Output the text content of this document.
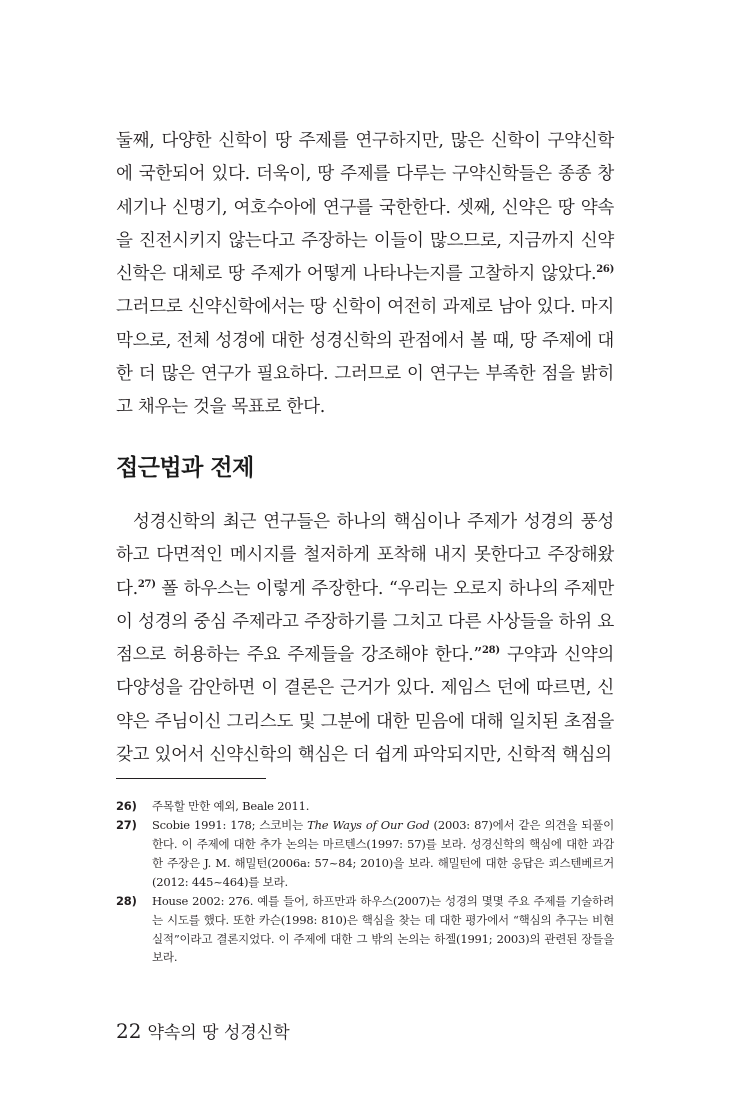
둘째, 다양한 신학이 땅 주제를 연구하지만, 많은 신학이 구약신학에 국한되어 있다. 더욱이, 땅 주제를 다루는 구약신학들은 종종 창세기나 신명기, 여호수아에 연구를 국한한다. 셋째, 신약은 땅 약속을 진전시키지 않는다고 주장하는 이들이 많으므로, 지금까지 신약신학은 대체로 땅 주제가 어떻게 나타나는지를 고찰하지 않았다.$^{26)}$ 그러므로 신약신학에서는 땅 신학이 여전히 과제로 남아 있다. 마지막으로, 전체 성경에 대한 성경신학의 관점에서 볼 때, 땅 주제에 대한 더 많은 연구가 필요하다. 그러므로 이 연구는 부족한 점을 밝히고 채우는 것을 목표로 한다.

접근법과 전제

성경신학의 최근 연구들은 하나의 핵심이나 주제가 성경의 풍성하고 다면적인 메시지를 철저하게 포착해 내지 못한다고 주장해왔다.$^{27)}$ 폴 하우스는 이렇게 주장한다. “우리는 오로지 하나의 주제만이 성경의 중심 주제라고 주장하기를 그치고 다른 사상들을 하위 요점으로 허용하는 주요 주제들을 강조해야 한다.”$^{28)}$ 구약과 신약의 다양성을 감안하면 이 결론은 근거가 있다. 제임스 던에 따르면, 신약은 주님이신 그리스도 및 그분에 대한 믿음에 대해 일치된 초점을 갖고 있어서 신약신학의 핵심은 더 쉽게 파악되지만, 신학적 핵심의

26) 주목할 만한 예외, Beale 2011.

27) Scobie 1991: 178; 스코비는 The Ways of Our God (2003: 87)에서 같은 의견을 되풀이한다. 이 주제에 대한 추가 논의는 마르텐스(1997: 57)를 보라. 성경신학의 핵심에 대한 과감한 주장은 J. M. 해밀턴(2006a: 57~84; 2010)을 보라. 해밀턴에 대한 응답은 쾨스텐베르거(2012: 445~464)를 보라.

28) House 2002: 276. 예를 들어, 하프만과 하우스(2007)는 성경의 몇몇 주요 주제를 기술하려는 시도를 했다. 또한 카슨(1998: 810)은 핵심을 찾는 데 대한 평가에서 “핵심의 추구는 비현실적”이라고 결론지었다. 이 주제에 대한 그 밖의 논의는 하젤(1991; 2003)의 관련된 장들을 보라.

22 약속의 땅 성경신학
